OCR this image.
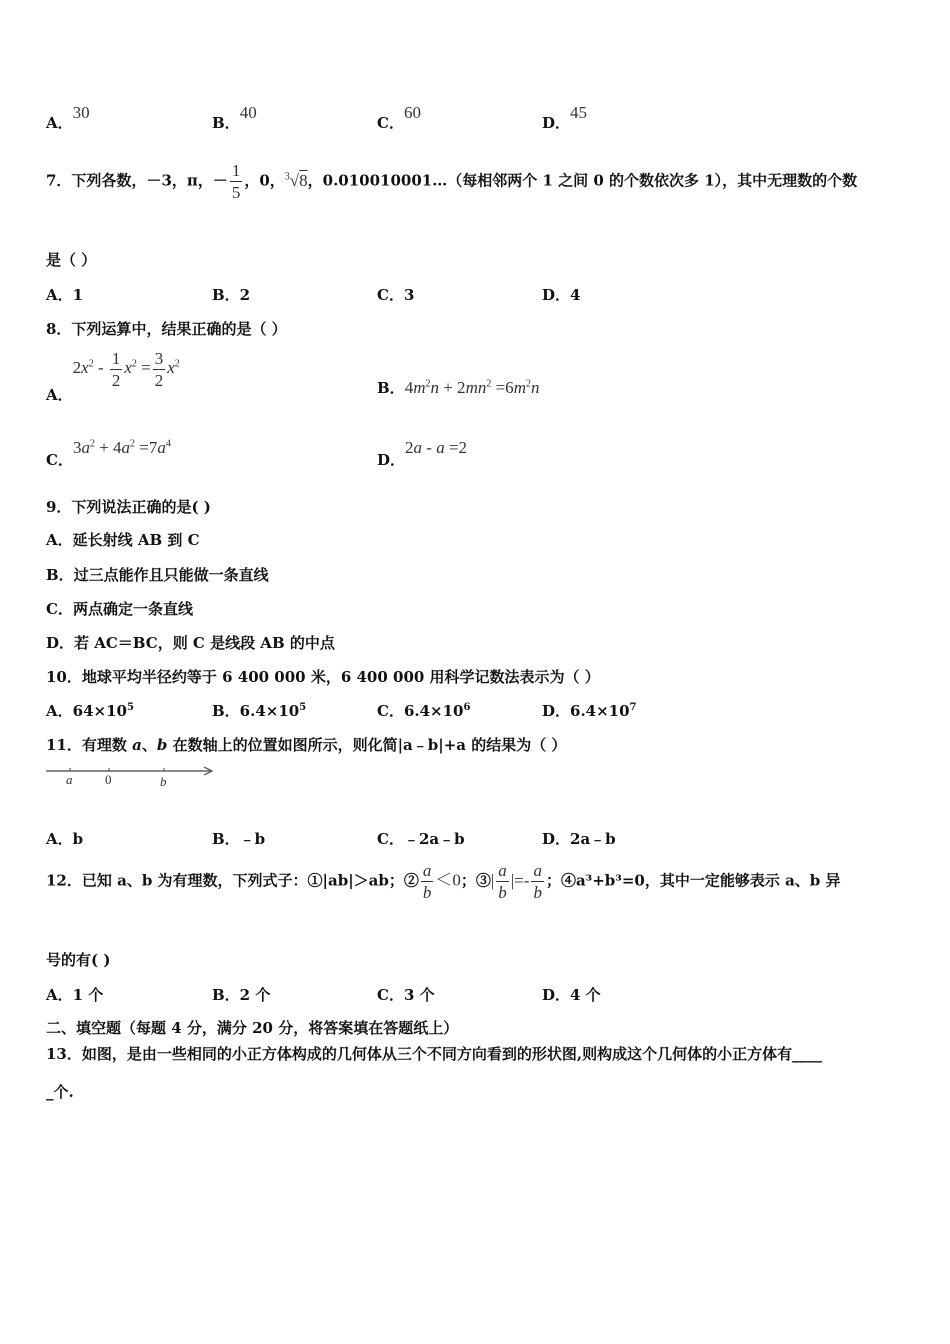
A．30
B．40
C．60
D．45
7．下列各数，－3，π，－ $\frac{1}{5}$ ，0，$^3$√8，0.010010001…（每相邻两个 1 之间 0 的个数依次多 1），其中无理数的个数
是（ ）
A．1	B．2	C．3	D．4
8．下列运算中，结果正确的是（ ）
A．$2x^2 - \frac{1}{2} x^2 = \frac{3}{2} x^2$
B．$4m^2n + 2mn^2 =6m^2n$
C．$3a^2 + 4a^2 =7a^4$
D．2a - a =2
9．下列说法正确的是( )
A．延长射线 AB 到 C
B．过三点能作且只能做一条直线
C．两点确定一条直线
D．若 AC＝BC，则 C 是线段 AB 的中点
10．地球平均半径约等于 6 400 000 米，6 400 000 用科学记数法表示为（ ）
A．$64\times 10^5$	B．$6.4\times 10^5$	C．$6.4\times 10^6$	D．$6.4\times 10^7$
11．有理数 a、b 在数轴上的位置如图所示，则化简|a﹣b|+a 的结果为（ ）
a	0	b
A．b	B．﹣b	C．﹣2a﹣b	D．2a﹣b
12．已知 a、b 为有理数，下列式子：①|ab|＞ab；② $\frac{a}{b} <0$；③| $\frac{a}{b}$ |=- $\frac{a}{b}$ ；④a³+b³=0，其中一定能够表示 a、b 异
号的有( )
A．1 个	B．2 个	C．3 个	D．4 个
二、填空题（每题 4 分，满分 20 分，将答案填在答题纸上）
13．如图，是由一些相同的小正方体构成的几何体从三个不同方向看到的形状图,则构成这个几何体的小正方体有____
_个.
